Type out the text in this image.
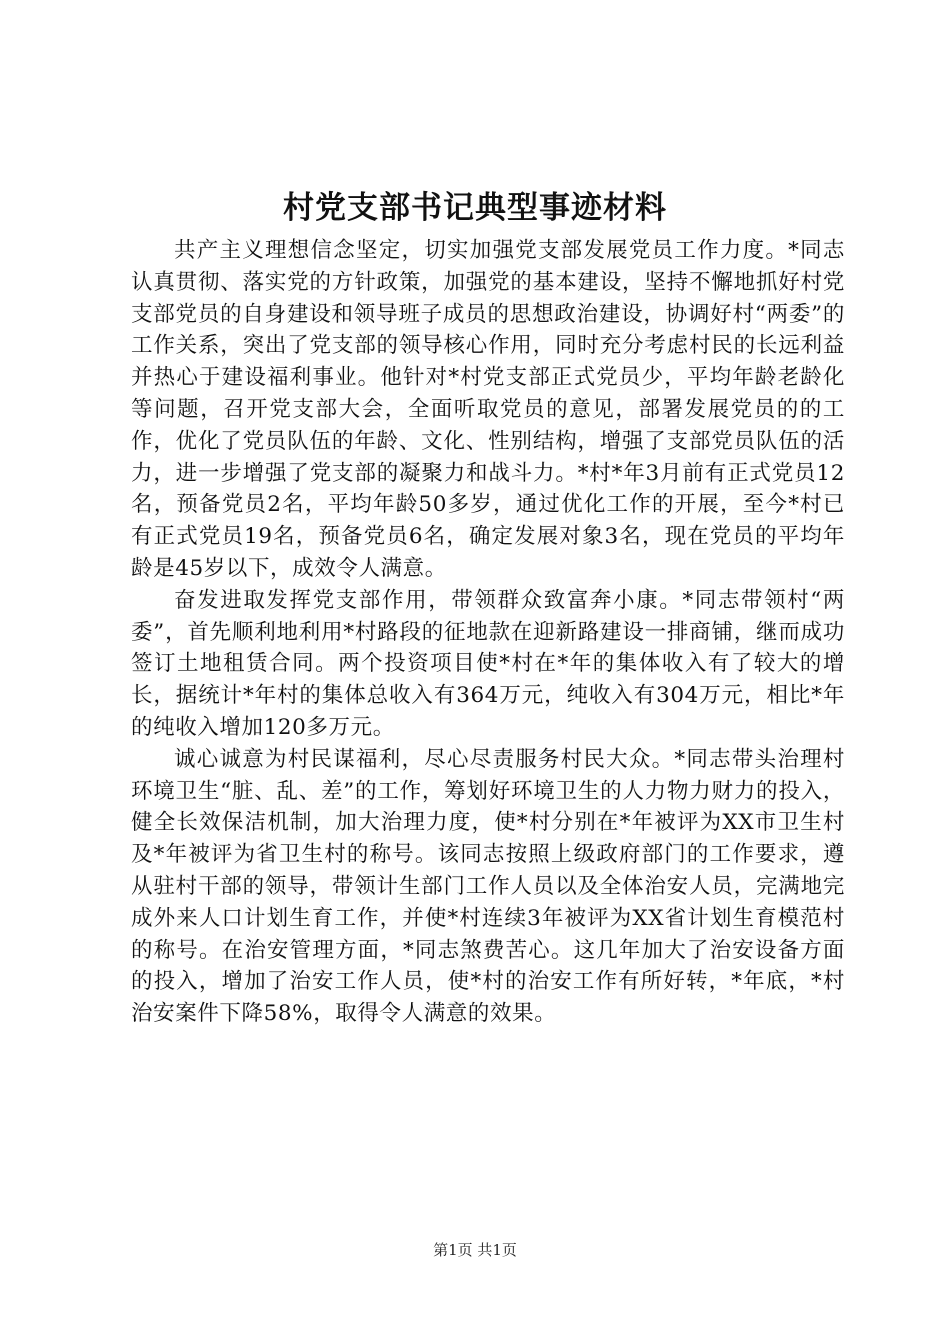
村党支部书记典型事迹材料

共产主义理想信念坚定，切实加强党支部发展党员工作力度。*同志认真贯彻、落实党的方针政策，加强党的基本建设，坚持不懈地抓好村党支部党员的自身建设和领导班子成员的思想政治建设，协调好村“两委”的工作关系，突出了党支部的领导核心作用，同时充分考虑村民的长远利益并热心于建设福利事业。他针对*村党支部正式党员少，平均年龄老龄化等问题，召开党支部大会，全面听取党员的意见，部署发展党员的的工作，优化了党员队伍的年龄、文化、性别结构，增强了支部党员队伍的活力，进一步增强了党支部的凝聚力和战斗力。*村*年3月前有正式党员12名，预备党员2名，平均年龄50多岁，通过优化工作的开展，至今*村已有正式党员19名，预备党员6名，确定发展对象3名，现在党员的平均年龄是45岁以下，成效令人满意。

奋发进取发挥党支部作用，带领群众致富奔小康。*同志带领村“两委”，首先顺利地利用*村路段的征地款在迎新路建设一排商铺，继而成功签订土地租赁合同。两个投资项目使*村在*年的集体收入有了较大的增长，据统计*年村的集体总收入有364万元，纯收入有304万元，相比*年的纯收入增加120多万元。

诚心诚意为村民谋福利，尽心尽责服务村民大众。*同志带头治理村环境卫生“脏、乱、差”的工作，筹划好环境卫生的人力物力财力的投入，健全长效保洁机制，加大治理力度，使*村分别在*年被评为XX市卫生村及*年被评为省卫生村的称号。该同志按照上级政府部门的工作要求，遵从驻村干部的领导，带领计生部门工作人员以及全体治安人员，完满地完成外来人口计划生育工作，并使*村连续3年被评为XX省计划生育模范村的称号。在治安管理方面，*同志煞费苦心。这几年加大了治安设备方面的投入，增加了治安工作人员，使*村的治安工作有所好转，*年底，*村治安案件下降58%，取得令人满意的效果。

第1页 共1页
